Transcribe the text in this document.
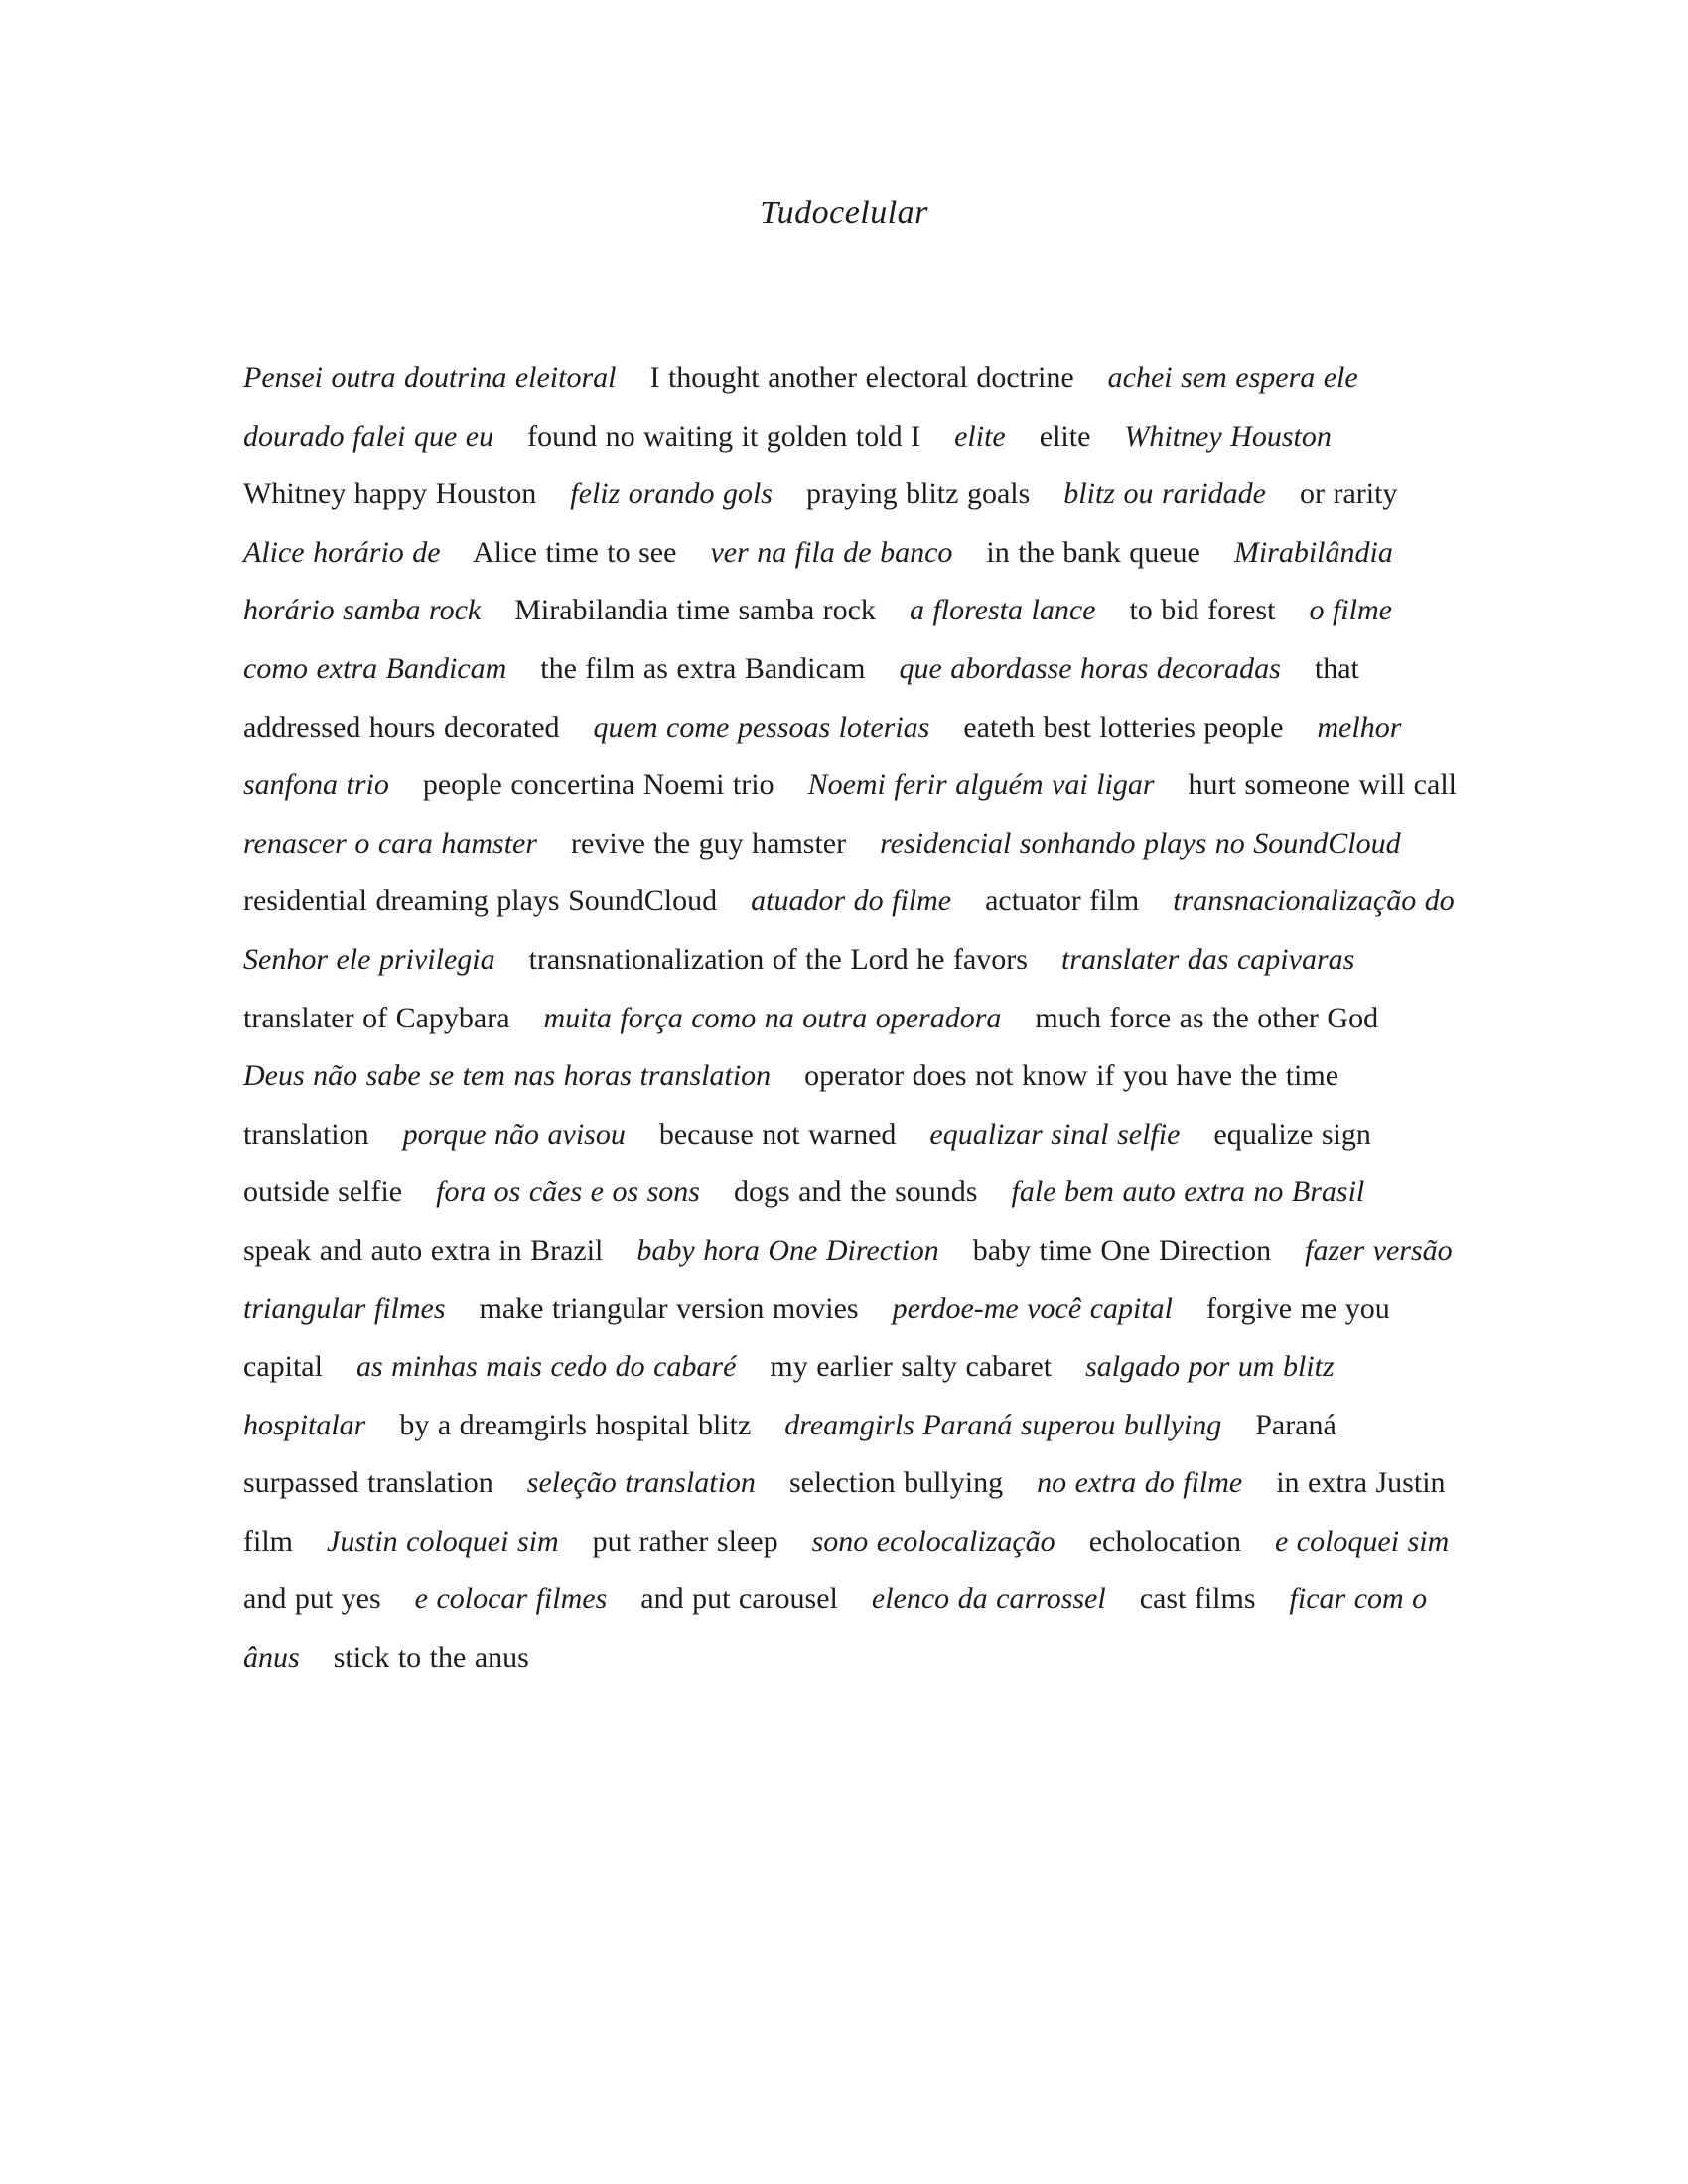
Tudocelular
Pensei outra doutrina eleitoral I thought another electoral doctrine achei sem espera ele dourado falei que eu found no waiting it golden told I elite elite Whitney Houston    Whitney happy Houston feliz orando gols praying blitz goals blitz ou raridade or rarity    Alice horário de Alice time to see ver na fila de banco in the bank queue Mirabilândia horário samba rock Mirabilandia time samba rock a floresta lance to bid forest o filme como extra Bandicam the film as extra Bandicam que abordasse horas decoradas that addressed hours decorated quem come pessoas loterias eateth best lotteries people melhor sanfona trio people concertina Noemi trio Noemi ferir alguém vai ligar hurt someone will call    renascer o cara hamster revive the guy hamster residencial sonhando plays no SoundCloud    residential dreaming plays SoundCloud atuador do filme actuator film transnacionalização do Senhor ele privilegia transnationalization of the Lord he favors translater das capivaras    translater of Capybara muita força como na outra operadora much force as the other God    Deus não sabe se tem nas horas translation operator does not know if you have the time translation porque não avisou because not warned equalizar sinal selfie equalize sign outside selfie fora os cães e os sons dogs and the sounds fale bem auto extra no Brasil    speak and auto extra in Brazil baby hora One Direction baby time One Direction fazer versão triangular filmes make triangular version movies perdoe-me você capital forgive me you capital as minhas mais cedo do cabaré my earlier salty cabaret salgado por um blitz hospitalar by a dreamgirls hospital blitz dreamgirls Paraná superou bullying Paraná surpassed translation seleção translation selection bullying no extra do filme in extra Justin film Justin coloquei sim put rather sleep sono ecolocalização echolocation e coloquei sim    and put yes e colocar filmes and put carousel elenco da carrossel cast films ficar com o ânus stick to the anus
